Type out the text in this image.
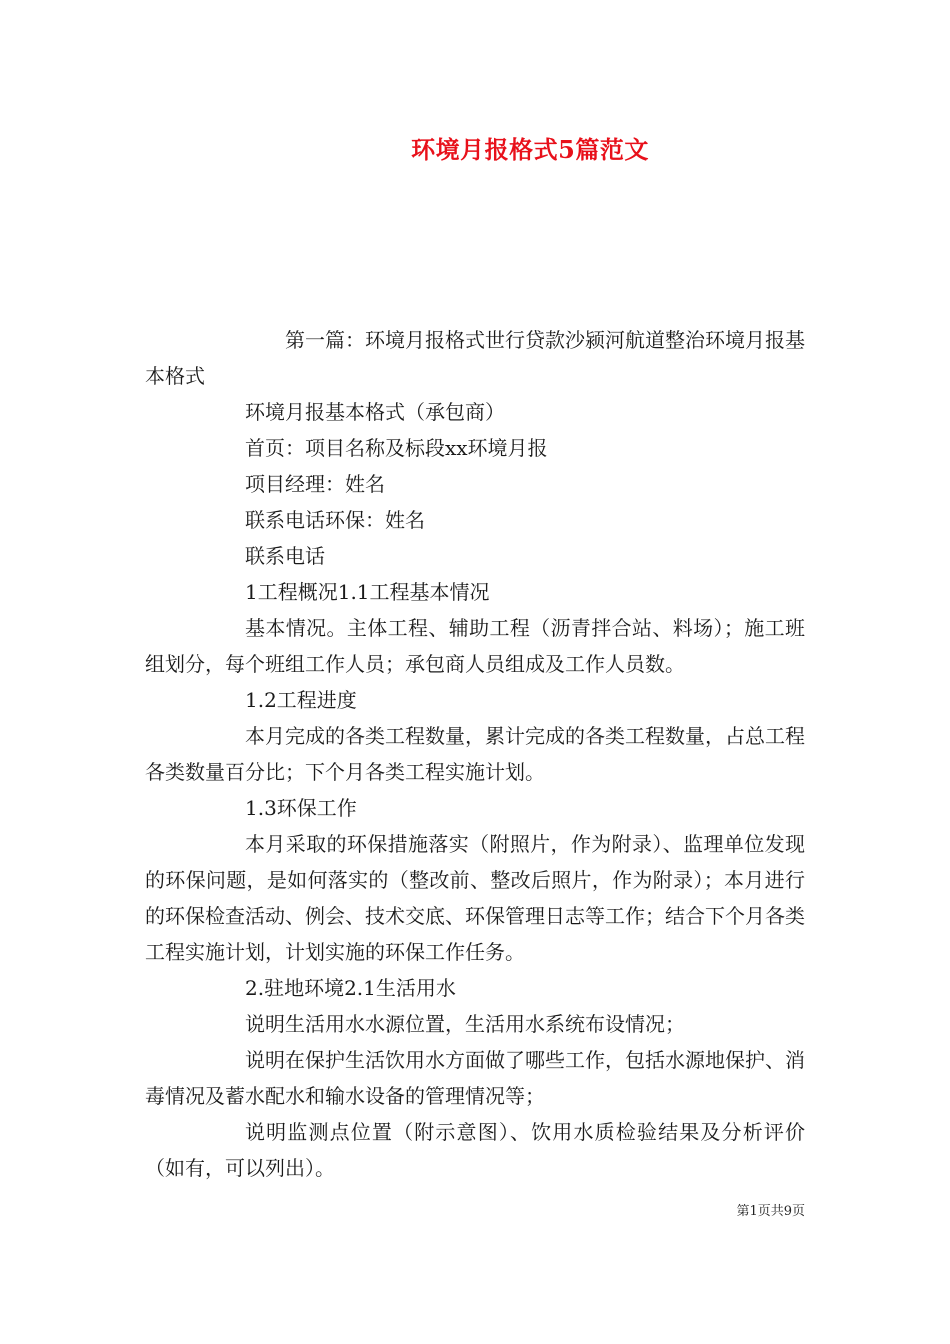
环境月报格式5篇范文

第一篇：环境月报格式世行贷款沙颍河航道整治环境月报基本格式

环境月报基本格式（承包商）

首页：项目名称及标段xx环境月报

项目经理：姓名

联系电话环保：姓名

联系电话

1工程概况1.1工程基本情况

基本情况。主体工程、辅助工程（沥青拌合站、料场）；施工班组划分，每个班组工作人员；承包商人员组成及工作人员数。

1.2工程进度

本月完成的各类工程数量，累计完成的各类工程数量，占总工程各类数量百分比；下个月各类工程实施计划。

1.3环保工作

本月采取的环保措施落实（附照片，作为附录）、监理单位发现的环保问题，是如何落实的（整改前、整改后照片，作为附录）；本月进行的环保检查活动、例会、技术交底、环保管理日志等工作；结合下个月各类工程实施计划，计划实施的环保工作任务。

2.驻地环境2.1生活用水

说明生活用水水源位置，生活用水系统布设情况；

说明在保护生活饮用水方面做了哪些工作，包括水源地保护、消毒情况及蓄水配水和输水设备的管理情况等；

说明监测点位置（附示意图）、饮用水质检验结果及分析评价（如有，可以列出）。

第1页共9页
